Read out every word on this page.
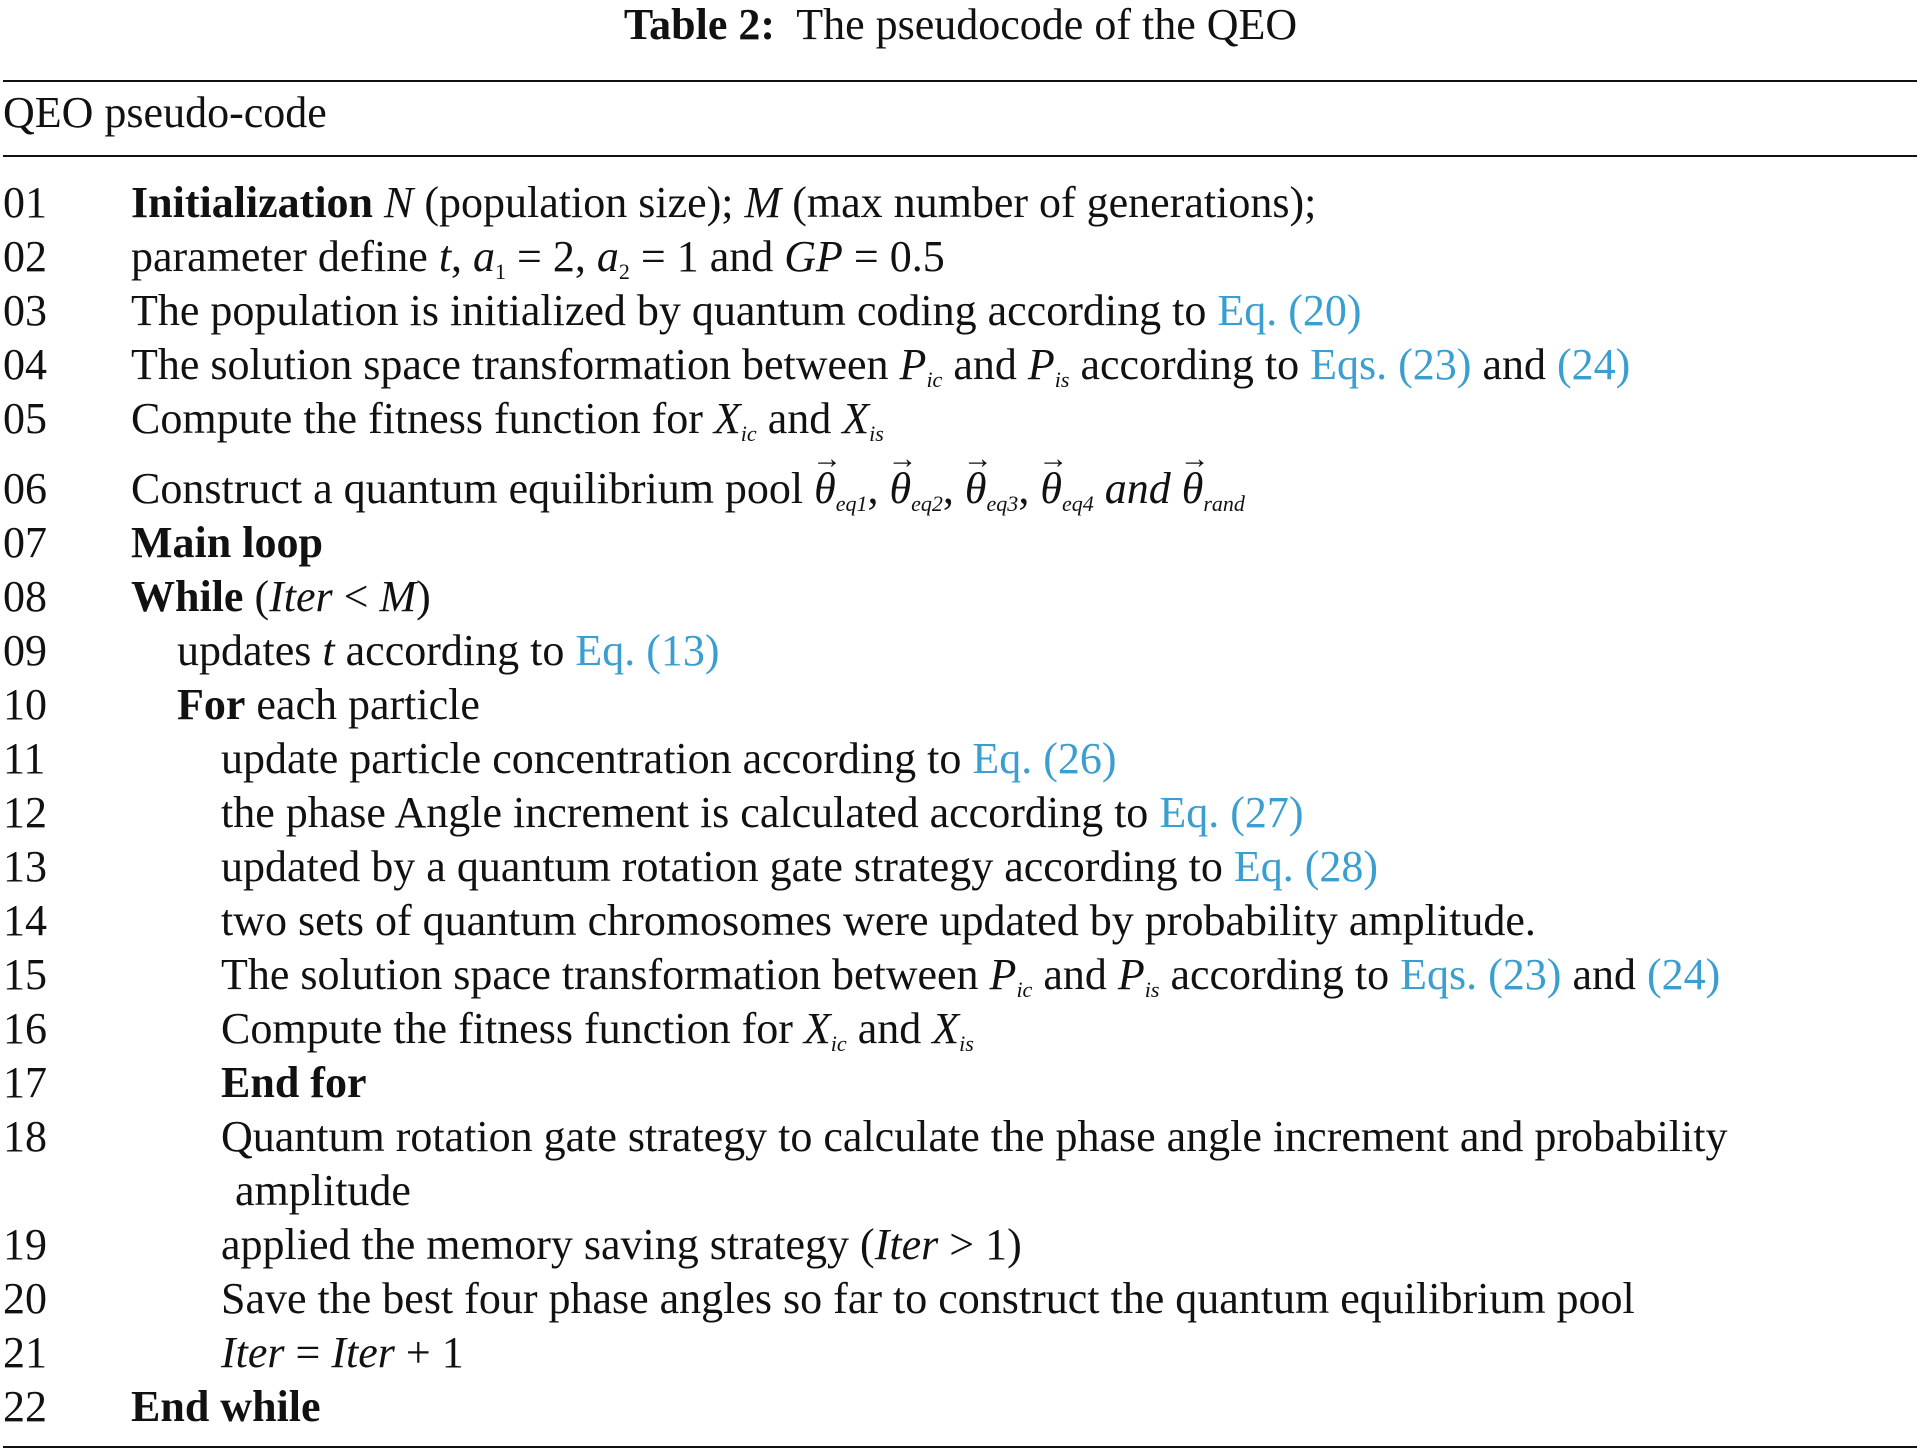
Table 2: The pseudocode of the QEO
QEO pseudo-code
01	Initialization N (population size); M (max number of generations);
02	parameter define t, $a_1 = 2$, $a_2 = 1$ and GP = 0.5
03	The population is initialized by quantum coding according to Eq. (20)
04	The solution space transformation between $P_{ic}$ and $P_{is}$ according to Eqs. (23) and (24)
05	Compute the fitness function for $X_{ic}$ and $X_{is}$
06	Construct a quantum equilibrium pool → $\theta_{eq1}$, → $\theta_{eq2}$, → $\theta_{eq3}$, → $\theta_{eq4}$ and → $\theta_{rand}$
07	Main loop
08	While (Iter < M)
09	updates t according to Eq. (13)
10	For each particle
11	update particle concentration according to Eq. (26)
12	the phase Angle increment is calculated according to Eq. (27)
13	updated by a quantum rotation gate strategy according to Eq. (28)
14	two sets of quantum chromosomes were updated by probability amplitude.
15	The solution space transformation between $P_{ic}$ and $P_{is}$ according to Eqs. (23) and (24)
16	Compute the fitness function for $X_{ic}$ and $X_{is}$
17	End for
18	Quantum rotation gate strategy to calculate the phase angle increment and probability
amplitude
19	applied the memory saving strategy (Iter > 1)
20	Save the best four phase angles so far to construct the quantum equilibrium pool
21	Iter = Iter + 1
22	End while
